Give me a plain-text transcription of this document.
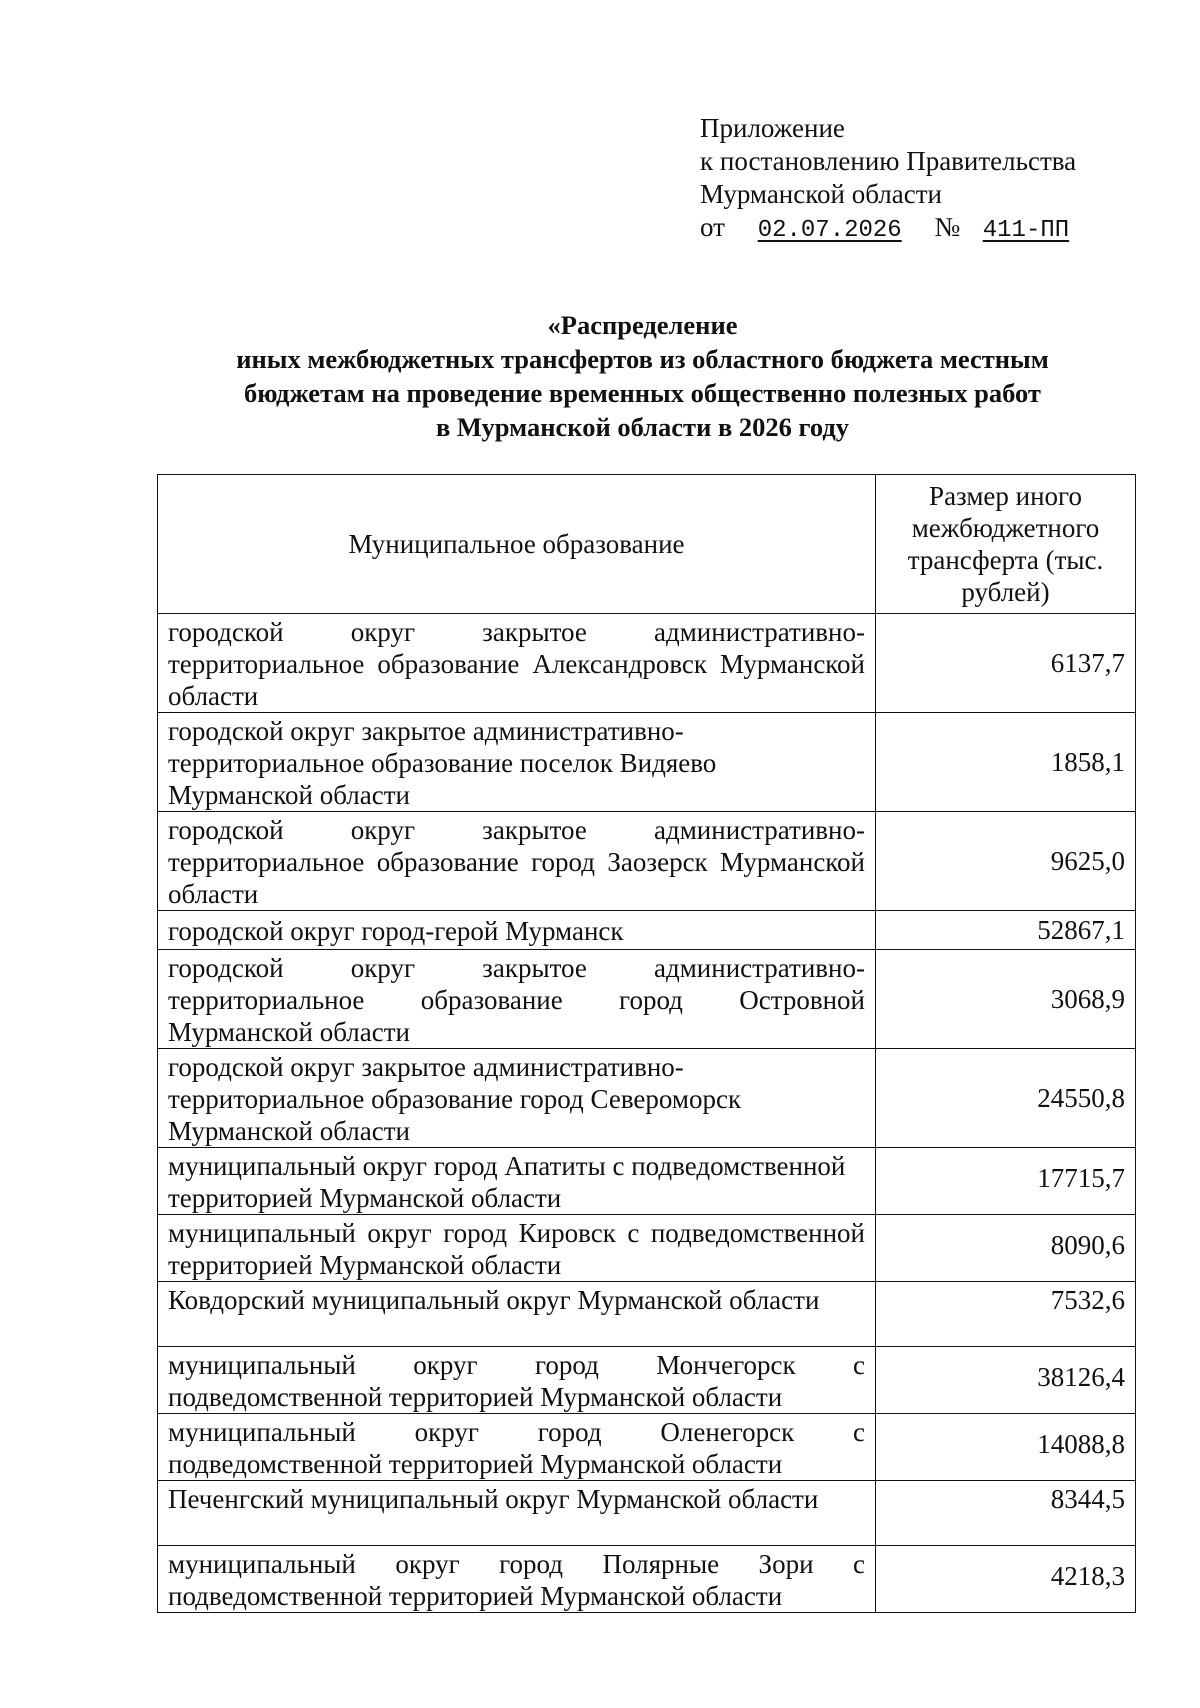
Приложение
к постановлению Правительства
Мурманской области
от 02.07.2026 № 411-ПП
«Распределение
иных межбюджетных трансфертов из областного бюджета местным
бюджетам на проведение временных общественно полезных работ
в Мурманской области в 2026 году
Муниципальное образование	Размер иного межбюджетного трансферта (тыс. рублей)
городской округ закрытое административно-территориальное образование Александровск Мурманской области	6137,7
городской округ закрытое административно-территориальное образование поселок Видяево Мурманской области	1858,1
городской округ закрытое административно-территориальное образование город Заозерск Мурманской области	9625,0
городской округ город-герой Мурманск	52867,1
городской округ закрытое административно-территориальное образование город Островной Мурманской области	3068,9
городской округ закрытое административно-территориальное образование город Североморск Мурманской области	24550,8
муниципальный округ город Апатиты с подведомственной территорией Мурманской области	17715,7
муниципальный округ город Кировск с подведомственной территорией Мурманской области	8090,6
Ковдорский муниципальный округ Мурманской области	7532,6
муниципальный округ город Мончегорск с подведомственной территорией Мурманской области	38126,4
муниципальный округ город Оленегорск с подведомственной территорией Мурманской области	14088,8
Печенгский муниципальный округ Мурманской области	8344,5
муниципальный округ город Полярные Зори с подведомственной территорией Мурманской области	4218,3
